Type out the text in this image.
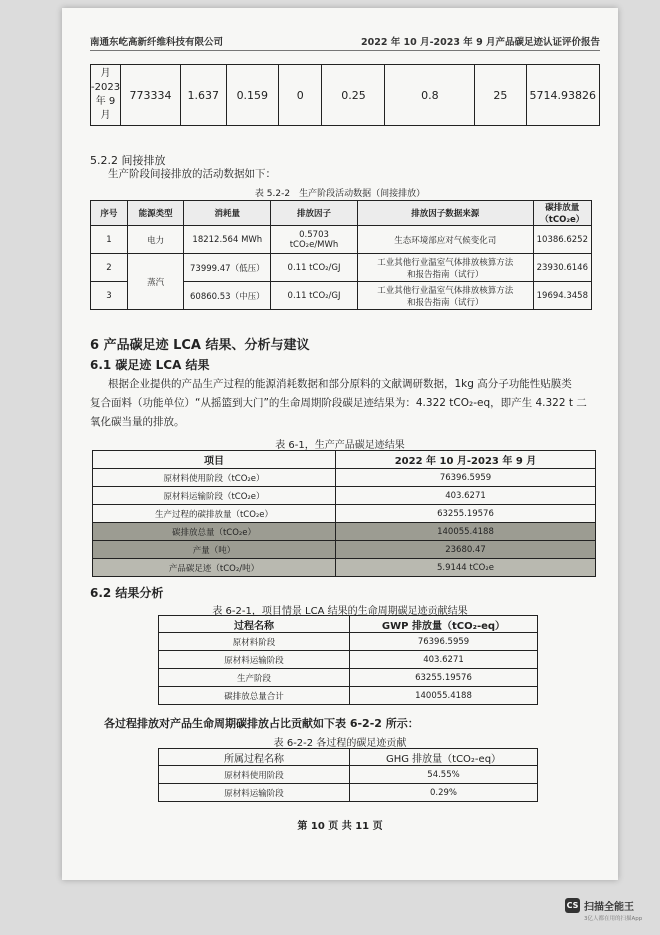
南通东屹高新纤维科技有限公司	2022 年 10 月-2023 年 9 月产品碳足迹认证评价报告
月
-2023
年 9
月
	773334	1.637	0.159	0	0.25	0.8	25	5714.93826
5.2.2 间接排放
生产阶段间接排放的活动数据如下：
表 5.2-2　生产阶段活动数据（间接排放）
序号	能源类型	消耗量	排放因子	排放因子数据来源	碳排放量（tCO₂e）
1	电力	18212.564 MWh	0.5703
tCO₂e/MWh	生态环境部应对气候变化司	10386.6252
2	蒸汽	73999.47（低压）	0.11 tCO₂/GJ	工业其他行业温室气体排放核算方法
和报告指南（试行）	23930.6146
3		60860.53（中压）	0.11 tCO₂/GJ	工业其他行业温室气体排放核算方法
和报告指南（试行）	19694.3458
6 产品碳足迹 LCA 结果、分析与建议
6.1 碳足迹 LCA 结果
根据企业提供的产品生产过程的能源消耗数据和部分原料的文献调研数据，1kg 高分子功能性贴膜类
复合面料（功能单位）“从摇篮到大门”的生命周期阶段碳足迹结果为：4.322 tCO₂-eq，即产生 4.322 t 二
氧化碳当量的排放。
表 6-1，生产产品碳足迹结果
项目	2022 年 10 月-2023 年 9 月
原材料使用阶段（tCO₂e）	76396.5959
原材料运输阶段（tCO₂e）	403.6271
生产过程的碳排放量（tCO₂e）	63255.19576
碳排放总量（tCO₂e）	140055.4188
产量（吨）	23680.47
产品碳足迹（tCO₂/吨）	5.9144 tCO₂e
6.2 结果分析
表 6-2-1，项目情景 LCA 结果的生命周期碳足迹贡献结果
过程名称	GWP 排放量（tCO₂-eq）
原材料阶段	76396.5959
原材料运输阶段	403.6271
生产阶段	63255.19576
碳排放总量合计	140055.4188
各过程排放对产品生命周期碳排放占比贡献如下表 6-2-2 所示：
表 6-2-2 各过程的碳足迹贡献
所属过程名称	GHG 排放量（tCO₂-eq）
原材料使用阶段	54.55%
原材料运输阶段	0.29%
第 10 页 共 11 页
CS 扫描全能王
3亿人都在用的扫描App
